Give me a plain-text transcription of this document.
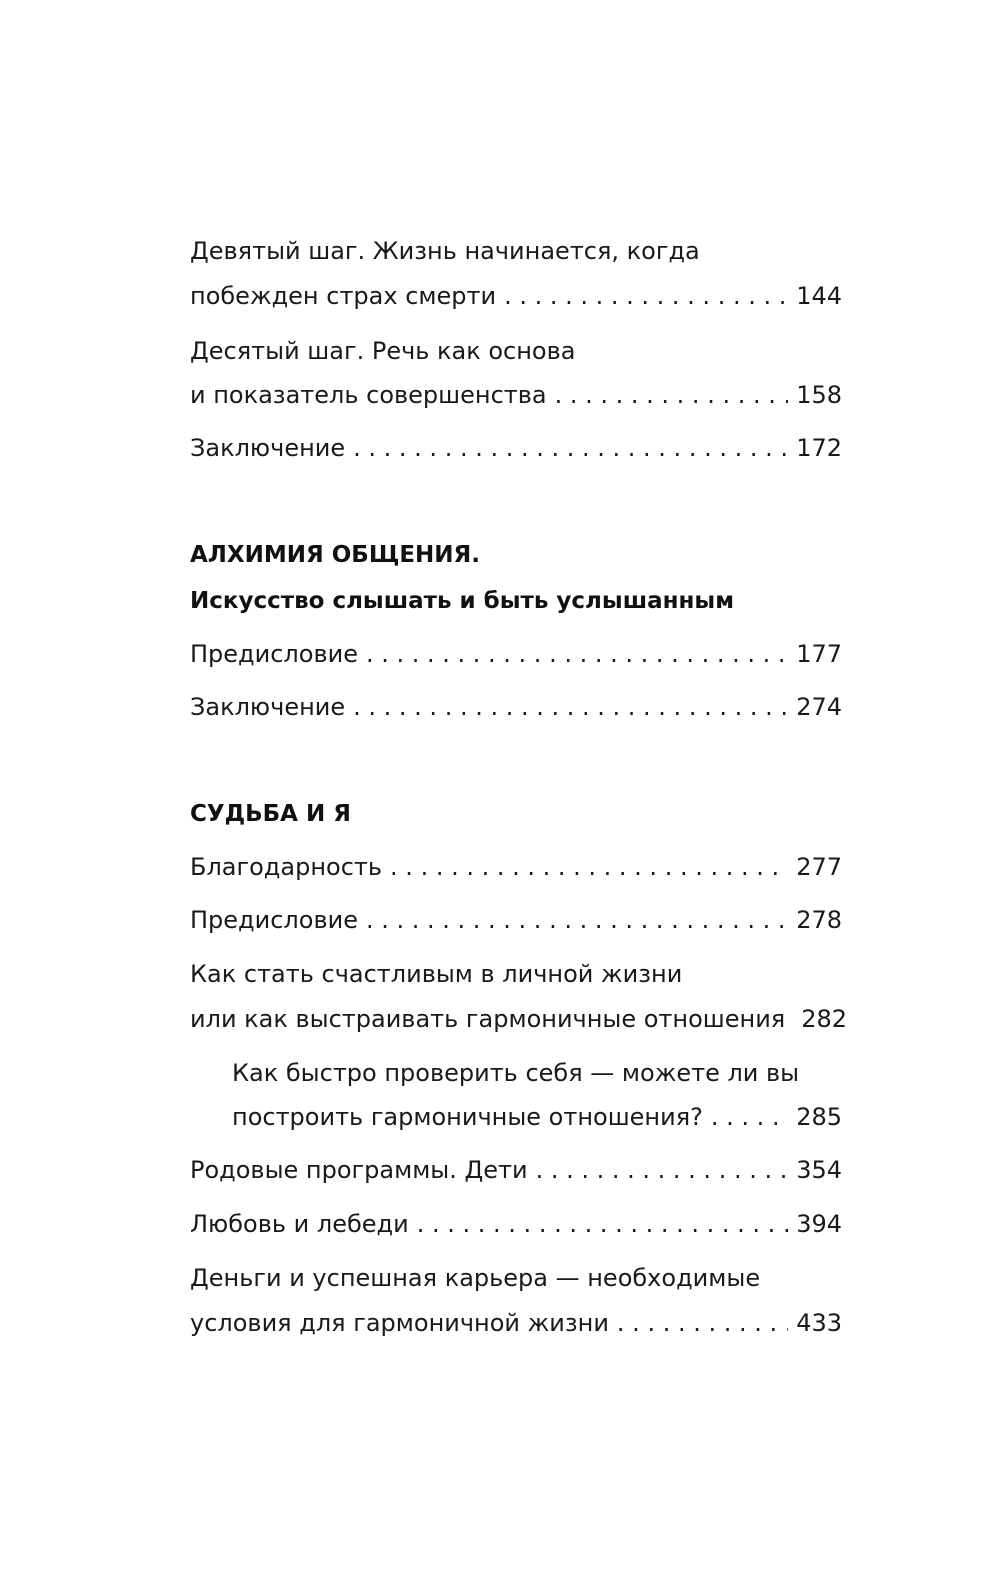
Девятый шаг. Жизнь начинается, когда
побежден страх смерти . . .	144
Десятый шаг. Речь как основа
и показатель совершенства . . .	158
Заключение . . .	172
АЛХИМИЯ ОБЩЕНИЯ.
Искусство слышать и быть услышанным
Предисловие . . .	177
Заключение . . .	274
СУДЬБА И Я
Благодарность . . .	277
Предисловие . . .	278
Как стать счастливым в личной жизни
или как выстраивать гармоничные отношения 282
Как быстро проверить себя — можете ли вы
построить гармоничные отношения? . . .	285
Родовые программы. Дети . . .	354
Любовь и лебеди . . .	394
Деньги и успешная карьера — необходимые
условия для гармоничной жизни . . .	433
